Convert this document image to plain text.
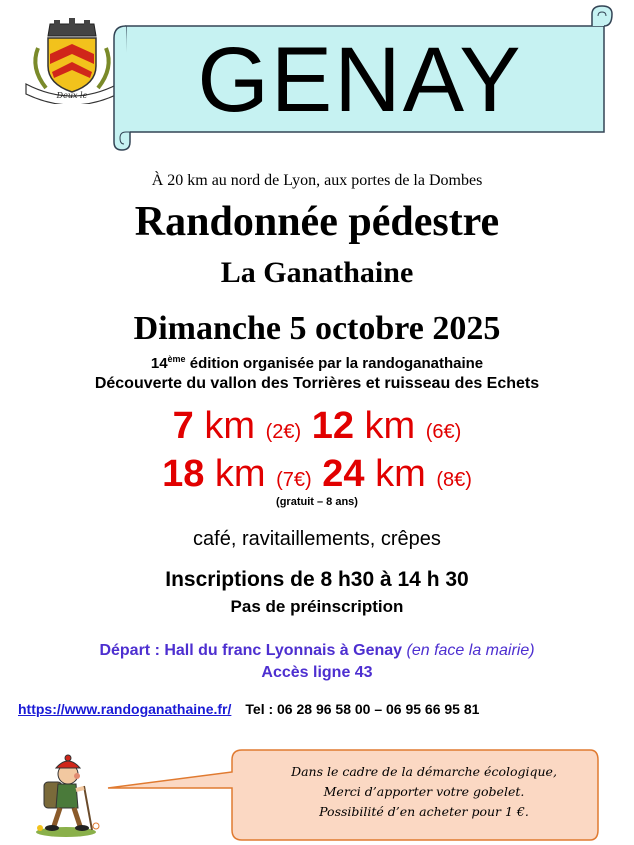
Deux le	GENAY
À 20 km au nord de Lyon, aux portes de la Dombes
Randonnée pédestre
La Ganathaine
Dimanche 5 octobre 2025
14ème édition organisée par la randoganathaine
Découverte du vallon des Torrières et ruisseau des Echets
7 km (2€) 12 km (6€)
18 km (7€) 24 km (8€)
(gratuit – 8 ans)
café, ravitaillements, crêpes
Inscriptions de 8 h30 à 14 h 30
Pas de préinscription
Départ : Hall du franc Lyonnais à Genay (en face la mairie)
Accès ligne 43
https://www.randoganathaine.fr/ Tel : 06 28 96 58 00 – 06 95 66 95 81
Dans le cadre de la démarche écologique,
Merci d’apporter votre gobelet.
Possibilité d’en acheter pour 1 €.
